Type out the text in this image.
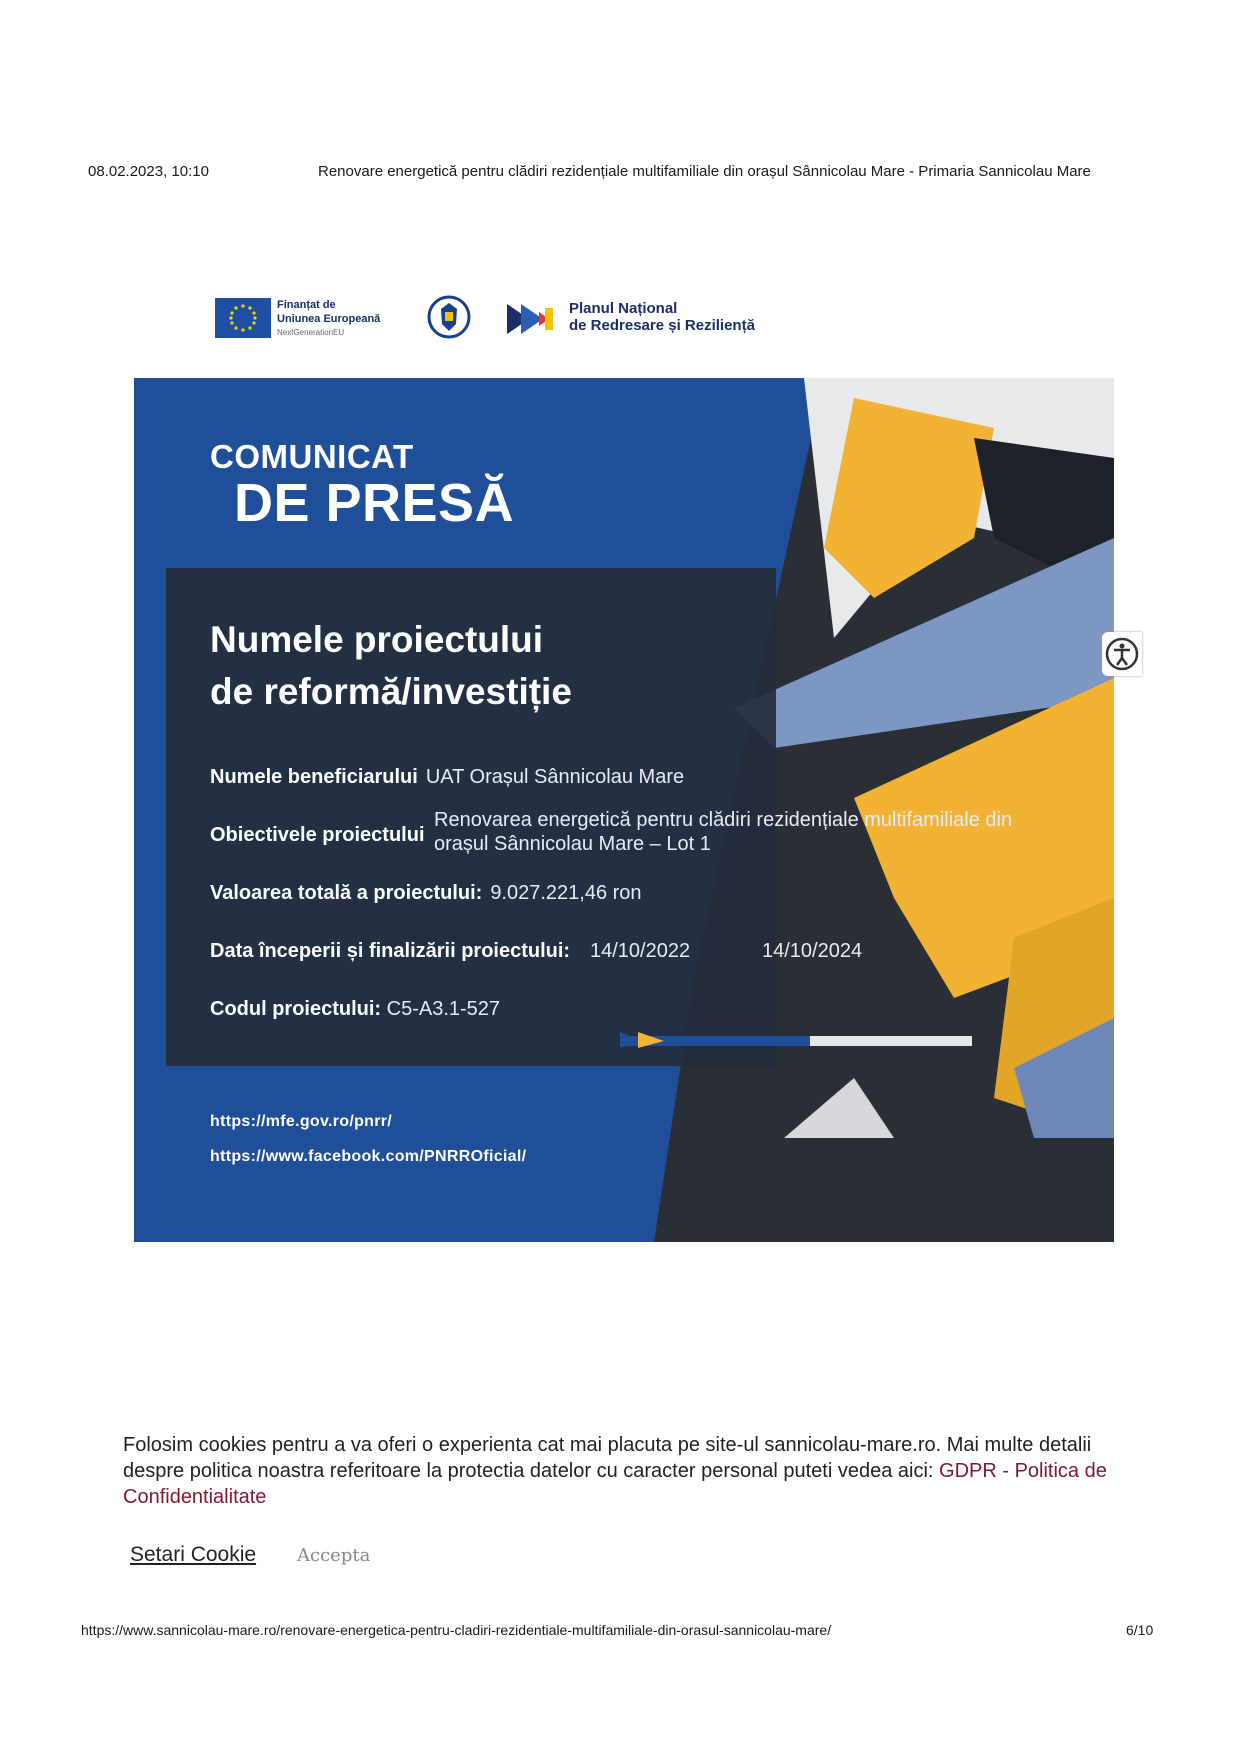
08.02.2023, 10:10	Renovare energetică pentru clădiri rezidențiale multifamiliale din orașul Sânnicolau Mare - Primaria Sannicolau Mare
Finanțat de
Uniunea Europeană
NextGenerationEU
Planul Național
de Redresare și Reziliență
COMUNICAT
DE PRESĂ
Numele proiectului
de reformă/investiție
Numele beneficiarului UAT Orașul Sânnicolau Mare
Obiectivele proiectului
Renovarea energetică pentru clădiri rezidențiale multifamiliale din
orașul Sânnicolau Mare – Lot 1
Valoarea totală a proiectului: 9.027.221,46 ron
Data începerii și finalizării proiectului: 14/10/2022	14/10/2024
Codul proiectului: C5-A3.1-527
https://mfe.gov.ro/pnrr/
https://www.facebook.com/PNRROficial/
Folosim cookies pentru a va oferi o experienta cat mai placuta pe site-ul sannicolau-mare.ro. Mai multe detalii despre politica noastra referitoare la protectia datelor cu caracter personal puteti vedea aici: GDPR - Politica de Confidentialitate
Setari Cookie Accepta
https://www.sannicolau-mare.ro/renovare-energetica-pentru-cladiri-rezidentiale-multifamiliale-din-orasul-sannicolau-mare/	6/10
